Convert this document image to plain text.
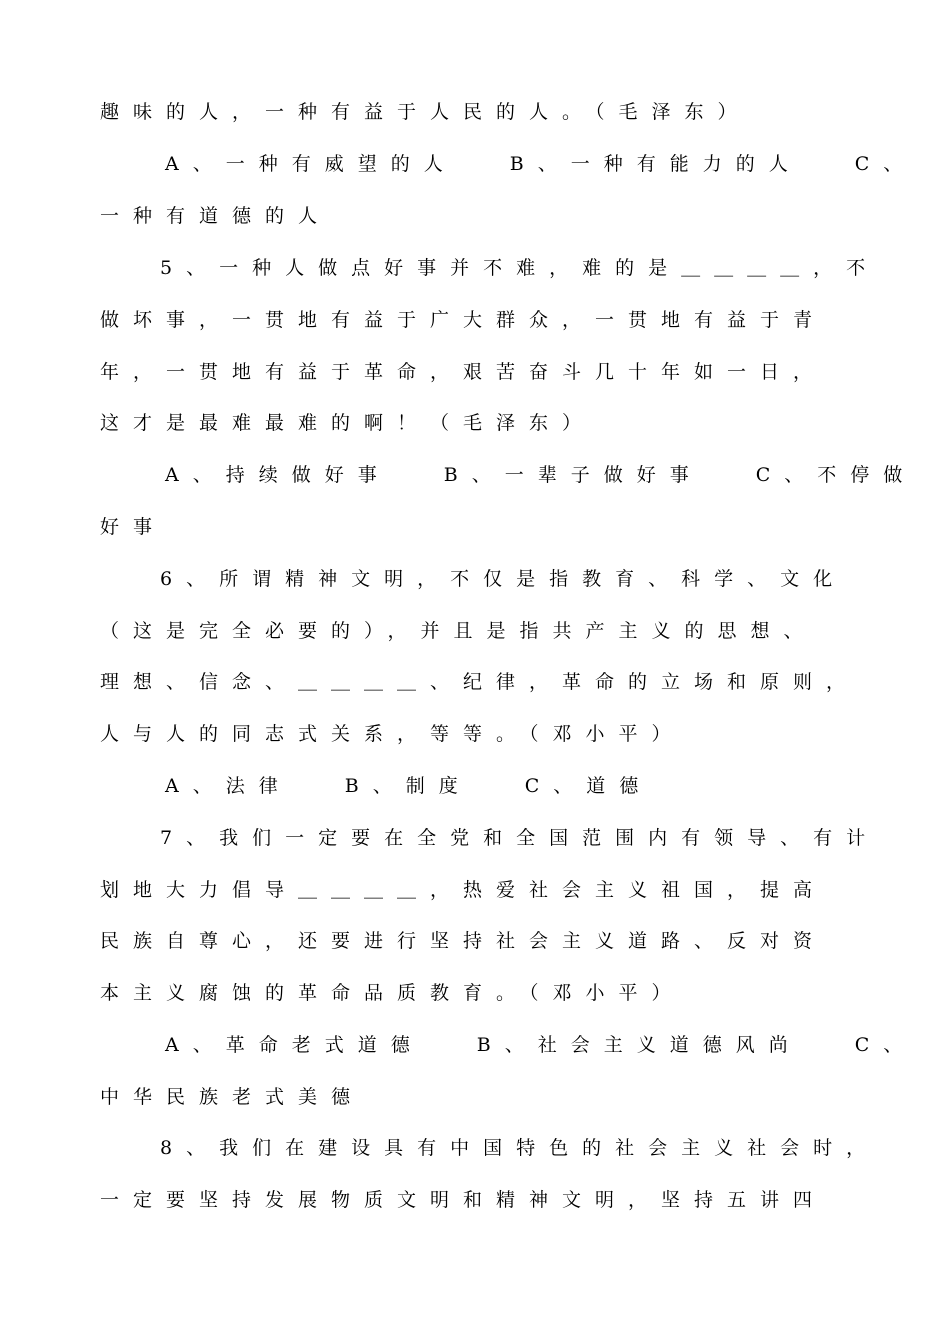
趣味的人，一种有益于人民的人。（毛泽东）
A、一种有威望的人　 B、一种有能力的人　 C、
一种有道德的人
5、一种人做点好事并不难，难的是＿＿＿＿，不
做坏事，一贯地有益于广大群众，一贯地有益于青
年，一贯地有益于革命，艰苦奋斗几十年如一日，
这才是最难最难的啊！（毛泽东）
A、持续做好事　 B、一辈子做好事　 C、不停做
好事
6、所谓精神文明，不仅是指教育、科学、文化
（这是完全必要的），并且是指共产主义的思想、
理想、信念、＿＿＿＿、纪律，革命的立场和原则，
人与人的同志式关系，等等。（邓小平）
A、法律　 B、制度　 C、道德
7、我们一定要在全党和全国范围内有领导、有计
划地大力倡导＿＿＿＿，热爱社会主义祖国，提高
民族自尊心，还要进行坚持社会主义道路、反对资
本主义腐蚀的革命品质教育。（邓小平）
A、革命老式道德　 B、社会主义道德风尚　 C、
中华民族老式美德
8、我们在建设具有中国特色的社会主义社会时，
一定要坚持发展物质文明和精神文明，坚持五讲四
